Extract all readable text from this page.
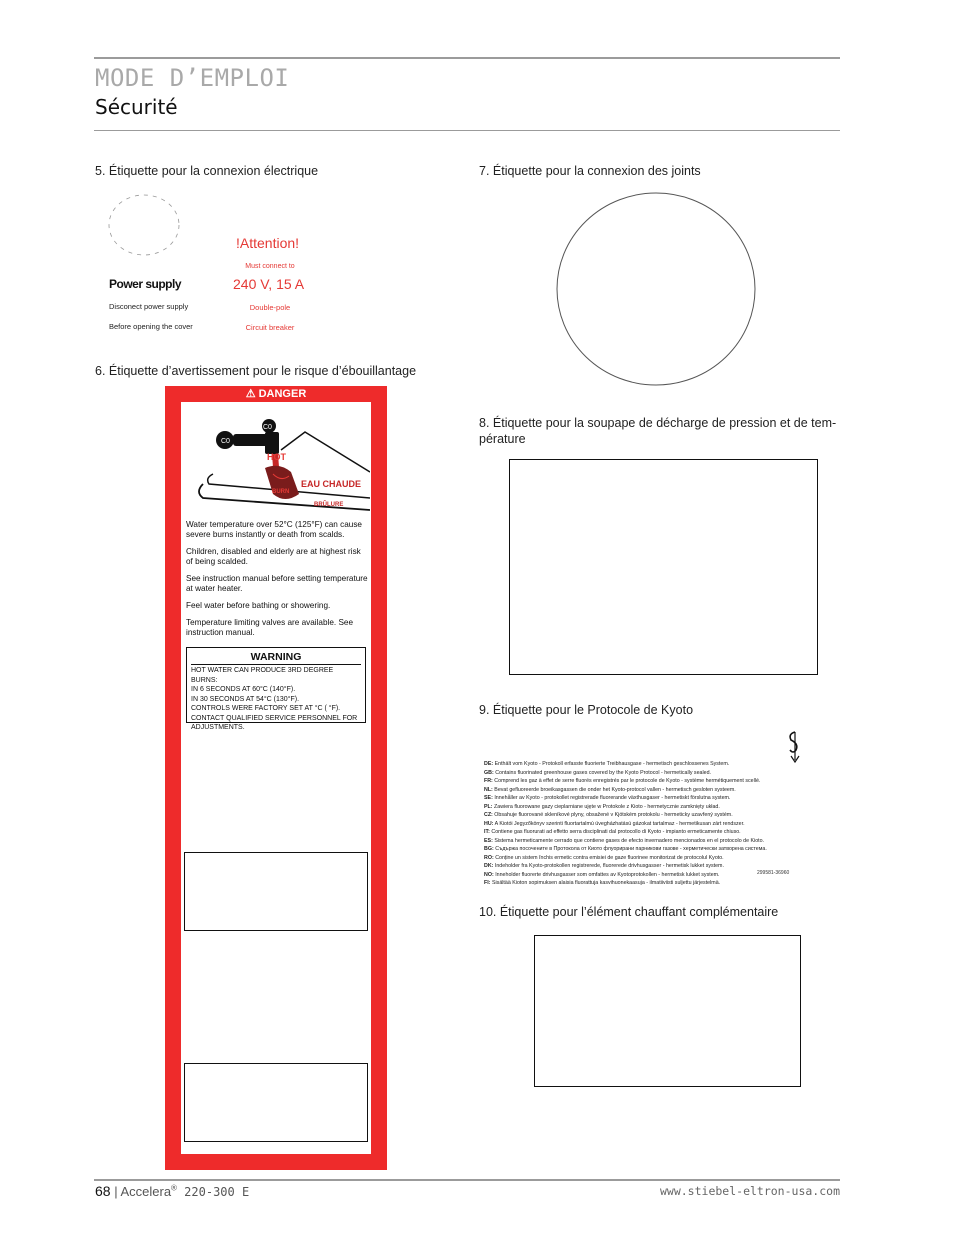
MODE D’EMPLOI
Sécurité
5. Étiquette pour la connexion électrique
Power supply
Disconect power supply
Before opening the cover
!Attention!
Must connect to
240 V, 15 A
Double-pole
Circuit breaker
6. Étiquette d’avertissement pour le risque d’ébouillantage
⚠ DANGER
C0
C0
HOT
EAU CHAUDE
BURN
BRÛLURE

Water temperature over 52°C (125°F) can cause severe burns instantly or death from scalds.

Children, disabled and elderly are at highest risk of being scalded.

See instruction manual before setting temperature at water heater.

Feel water before bathing or showering.

Temperature limiting valves are available. See instruction manual.

WARNING
HOT WATER CAN PRODUCE 3RD DEGREE BURNS:
IN 6 SECONDS AT 60°C (140°F).
IN 30 SECONDS AT 54°C (130°F).
CONTROLS WERE FACTORY SET AT °C ( °F).
CONTACT QUALIFIED SERVICE PERSONNEL FOR ADJUSTMENTS.
7. Étiquette pour la connexion des joints
8. Étiquette pour la soupape de décharge de pression et de tem-
pérature
9. Étiquette pour le Protocole de Kyoto
DE: Enthält vom Kyoto - Protokoll erfasste fluorierte Treibhausgase - hermetisch geschlossenes System.
GB: Contains fluorinated greenhouse gases covered by the Kyoto Protocol - hermetically sealed.
FR: Comprend les gaz à effet de serre fluorés enregistrés par le protocole de Kyoto - système hermétiquement scellé.
NL: Bevat gefluoreerde broeikasgassen die onder het Kyoto-protocol vallen - hermetisch gesloten systeem.
SE: Innehåller av Kyoto - protokollet registrerade fluorerande växthusgaser - hermetiskt förslutna system.
PL: Zawiera fluorowane gazy cieplarniane ujęte w Protokole z Kioto - hermetycznie zamknięty układ.
CZ: Obsahuje fluorované skleníkové plyny, obsažené v Kjótském protokolu - hermeticky uzavřený systém.
HU: A Kiotói Jegyzőkönyv szerinti fluortartalmú üvegházhatású gázokat tartalmaz - hermetikusan zárt rendszer.
IT: Contiene gas fluorurati ad effetto serra disciplinati dal protocollo di Kyoto - impianto ermeticamente chiuso.
ES: Sistema hermeticamente cerrado que contiene gases de efecto invernadero mencionados en el protocolo de Kioto.
BG: Съдържа посочените в Протокола от Киото флуорирани парникови газове - херметически затворена система.
RO: Conține un sistem închis ermetic contra emisiei de gaze fluorinee monitorizat de protocolul Kyoto.
DK: Indeholder fra Kyoto-protokollen registrerede, fluorerede drivhusgasser - hermetisk lukket system.
NO: Inneholder fluorerte drivhusgasser som omfattes av Kyotoprotokollen - hermetisk lukket system.
FI: Sisältää Kioton sopimuksen alaisia fluorattuja kasvihuonekaasuja - ilmatiiviisti suljettu järjestelmä.
299581-36960
10. Étiquette pour l’élément chauffant complémentaire
68 | Accelera® 220-300 E	www.stiebel-eltron-usa.com
